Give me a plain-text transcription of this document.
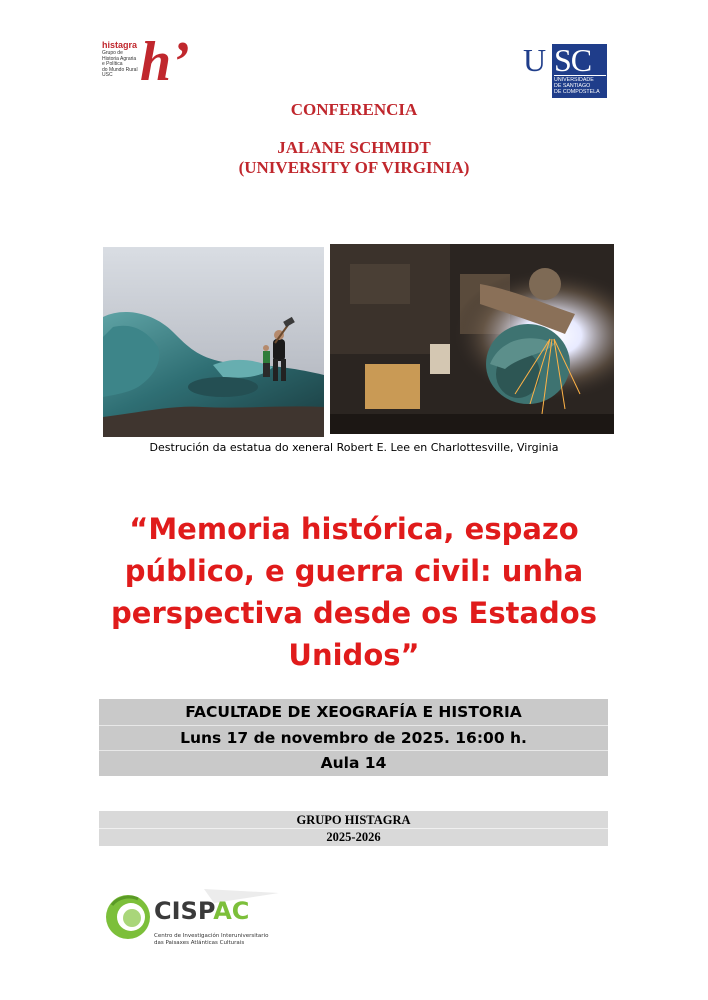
histagra
Grupo de
Historia Agraria
e Política
do Mundo Rural
USC h’	U SC
UNIVERSIDADE
DE SANTIAGO
DE COMPOSTELA
CONFERENCIA
JALANE SCHMIDT
(UNIVERSITY OF VIRGINIA)
Destrución da estatua do xeneral Robert E. Lee en Charlottesville, Virginia
“Memoria histórica, espazo público, e guerra civil: unha perspectiva desde os Estados Unidos”
FACULTADE DE XEOGRAFÍA E HISTORIA
Luns 17 de novembro de 2025. 16:00 h.
Aula 14
GRUPO HISTAGRA
2025-2026
CISPAC
Centro de Investigación Interuniversitario
das Paisaxes Atlánticas Culturais
